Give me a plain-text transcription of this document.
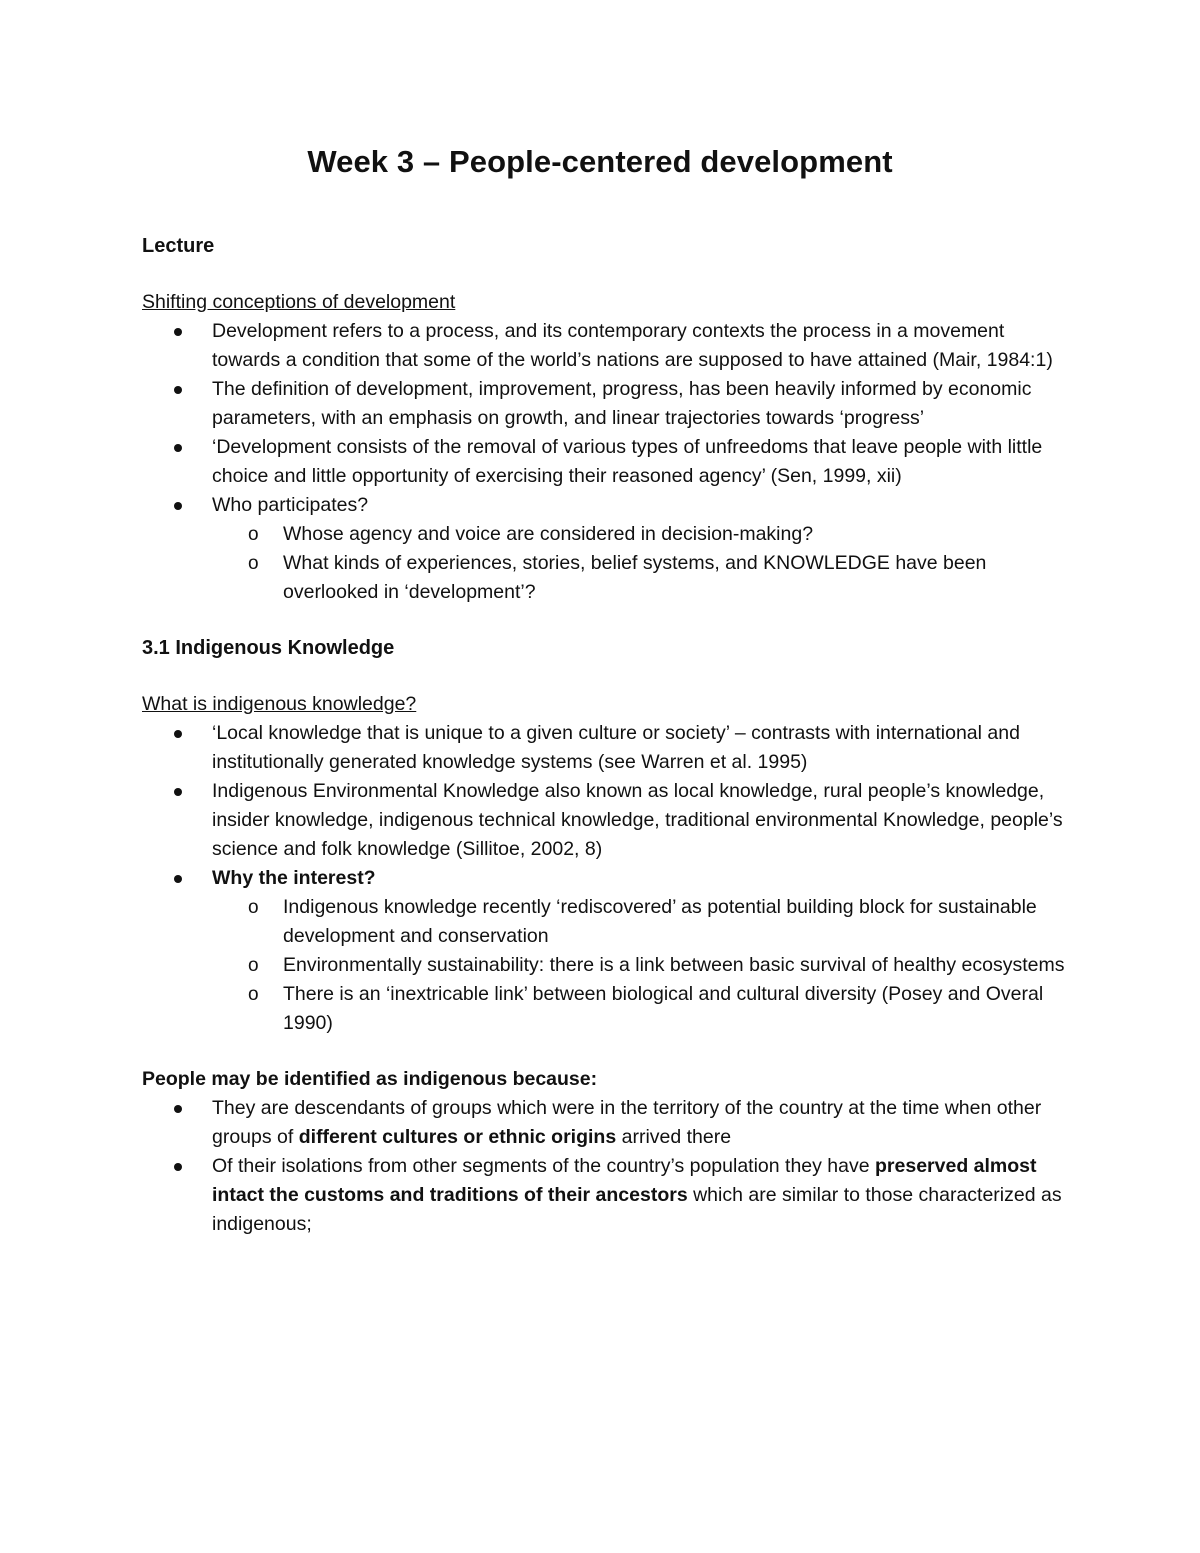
Week 3 – People-centered development
Lecture
Shifting conceptions of development
Development refers to a process, and its contemporary contexts the process in a movement towards a condition that some of the world’s nations are supposed to have attained (Mair, 1984:1)
The definition of development, improvement, progress, has been heavily informed by economic parameters, with an emphasis on growth, and linear trajectories towards ‘progress’
‘Development consists of the removal of various types of unfreedoms that leave people with little choice and little opportunity of exercising their reasoned agency’ (Sen, 1999, xii)
Who participates?
o Whose agency and voice are considered in decision-making?
o What kinds of experiences, stories, belief systems, and KNOWLEDGE have been overlooked in ‘development’?
3.1 Indigenous Knowledge
What is indigenous knowledge?
‘Local knowledge that is unique to a given culture or society’ – contrasts with international and institutionally generated knowledge systems (see Warren et al. 1995)
Indigenous Environmental Knowledge also known as local knowledge, rural people’s knowledge, insider knowledge, indigenous technical knowledge, traditional environmental Knowledge, people’s science and folk knowledge (Sillitoe, 2002, 8)
Why the interest?
o Indigenous knowledge recently ‘rediscovered’ as potential building block for sustainable development and conservation
o Environmentally sustainability: there is a link between basic survival of healthy ecosystems
o There is an ‘inextricable link’ between biological and cultural diversity (Posey and Overal 1990)
People may be identified as indigenous because:
They are descendants of groups which were in the territory of the country at the time when other groups of different cultures or ethnic origins arrived there
Of their isolations from other segments of the country’s population they have preserved almost intact the customs and traditions of their ancestors which are similar to those characterized as indigenous;
